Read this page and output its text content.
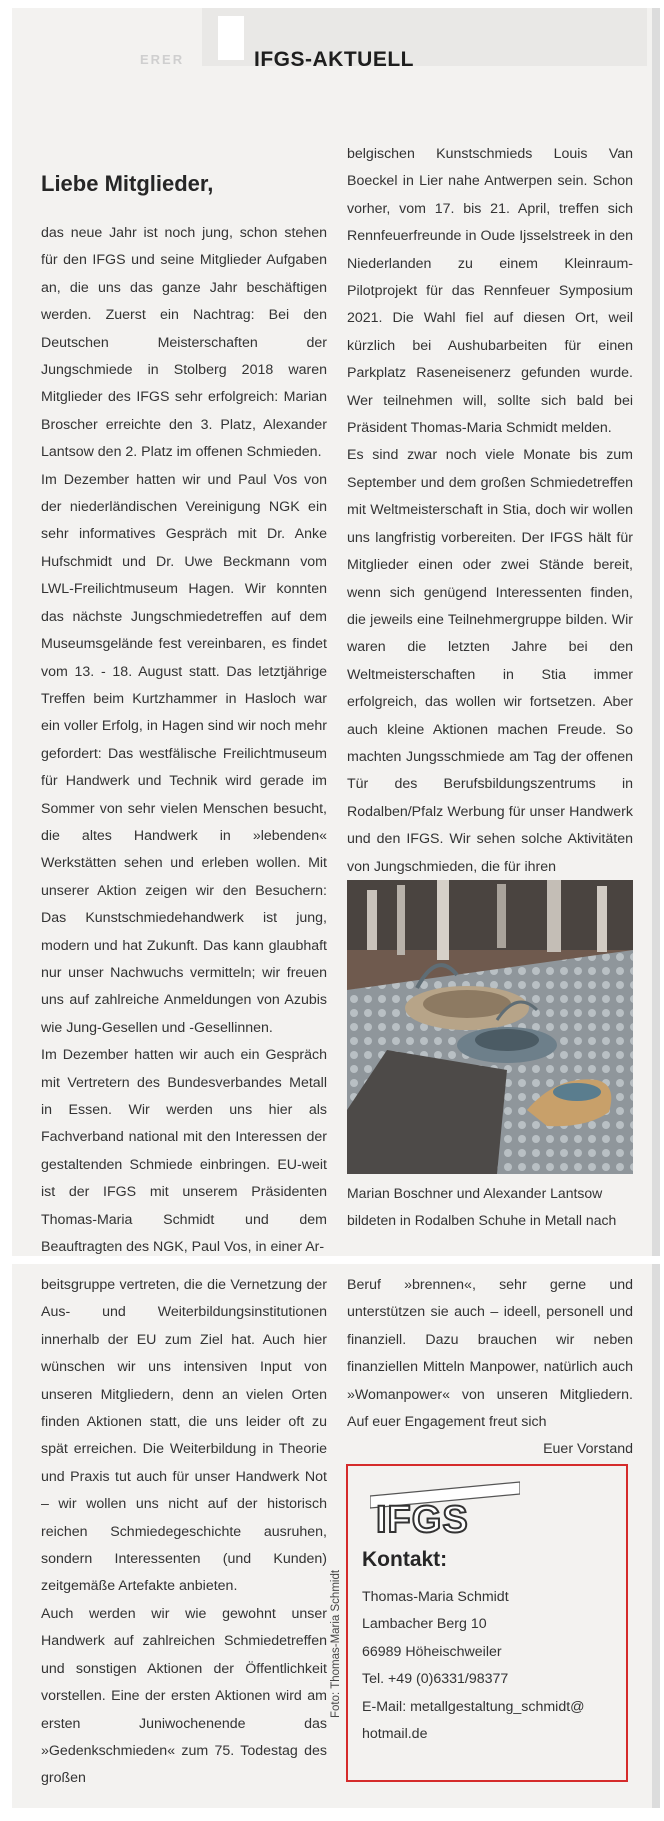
ERER	IFGS-AKTUELL
Liebe Mitglieder,

das neue Jahr ist noch jung, schon stehen für den IFGS und seine Mitglieder Aufgaben an, die uns das ganze Jahr beschäftigen werden. Zuerst ein Nachtrag: Bei den Deutschen Meisterschaften der Jungschmiede in Stolberg 2018 waren Mitglieder des IFGS sehr erfolgreich: Marian Broscher erreichte den 3. Platz, Alexander Lantsow den 2. Platz im offenen Schmieden.

Im Dezember hatten wir und Paul Vos von der niederländischen Vereinigung NGK ein sehr informatives Gespräch mit Dr. Anke Hufschmidt und Dr. Uwe Beckmann vom LWL-Freilichtmuseum Hagen. Wir konnten das nächste Jungschmiedetreffen auf dem Museumsgelände fest vereinbaren, es findet vom 13. - 18. August statt. Das letztjährige Treffen beim Kurtzhammer in Hasloch war ein voller Erfolg, in Hagen sind wir noch mehr gefordert: Das westfälische Freilichtmuseum für Handwerk und Technik wird gerade im Sommer von sehr vielen Menschen besucht, die altes Handwerk in »lebenden« Werkstätten sehen und erleben wollen. Mit unserer Aktion zeigen wir den Besuchern: Das Kunstschmiedehandwerk ist jung, modern und hat Zukunft. Das kann glaubhaft nur unser Nachwuchs vermitteln; wir freuen uns auf zahlreiche Anmeldungen von Azubis wie Jung-Gesellen und -Gesellinnen.

Im Dezember hatten wir auch ein Gespräch mit Vertretern des Bundesverbandes Metall in Essen. Wir werden uns hier als Fachverband national mit den Interessen der gestaltenden Schmiede einbringen. EU-weit ist der IFGS mit unserem Präsidenten Thomas-Maria Schmidt und dem Beauftragten des NGK, Paul Vos, in einer Ar-

belgischen Kunstschmieds Louis Van Boeckel in Lier nahe Antwerpen sein. Schon vorher, vom 17. bis 21. April, treffen sich Rennfeuerfreunde in Oude Ijsselstreek in den Niederlanden zu einem Kleinraum-Pilotprojekt für das Rennfeuer Symposium 2021. Die Wahl fiel auf diesen Ort, weil kürzlich bei Aushubarbeiten für einen Parkplatz Raseneisenerz gefunden wurde. Wer teilnehmen will, sollte sich bald bei Präsident Thomas-Maria Schmidt melden.

Es sind zwar noch viele Monate bis zum September und dem großen Schmiedetreffen mit Weltmeisterschaft in Stia, doch wir wollen uns langfristig vorbereiten. Der IFGS hält für Mitglieder einen oder zwei Stände bereit, wenn sich genügend Interessenten finden, die jeweils eine Teilnehmergruppe bilden. Wir waren die letzten Jahre bei den Weltmeisterschaften in Stia immer erfolgreich, das wollen wir fortsetzen. Aber auch kleine Aktionen machen Freude. So machten Jungsschmiede am Tag der offenen Tür des Berufsbildungszentrums in Rodalben/Pfalz Werbung für unser Handwerk und den IFGS. Wir sehen solche Aktivitäten von Jungschmieden, die für ihren

Marian Boschner und Alexander Lantsow bildeten in Rodalben Schuhe in Metall nach

beitsgruppe vertreten, die die Vernetzung der Aus- und Weiterbildungsinstitutionen innerhalb der EU zum Ziel hat. Auch hier wünschen wir uns intensiven Input von unseren Mitgliedern, denn an vielen Orten finden Aktionen statt, die uns leider oft zu spät erreichen. Die Weiterbildung in Theorie und Praxis tut auch für unser Handwerk Not – wir wollen uns nicht auf der historisch reichen Schmiedegeschichte ausruhen, sondern Interessenten (und Kunden) zeitgemäße Artefakte anbieten.

Auch werden wir wie gewohnt unser Handwerk auf zahlreichen Schmiedetreffen und sonstigen Aktionen der Öffentlichkeit vorstellen. Eine der ersten Aktionen wird am ersten Juniwochenende das »Gedenkschmieden« zum 75. Todestag des großen

Foto: Thomas-Maria Schmidt

Beruf »brennen«, sehr gerne und unterstützen sie auch – ideell, personell und finanziell. Dazu brauchen wir neben finanziellen Mitteln Manpower, natürlich auch »Womanpower« von unseren Mitgliedern. Auf euer Engagement freut sich

Euer Vorstand

IFGS
Kontakt:
Thomas-Maria Schmidt
Lambacher Berg 10
66989 Höheischweiler
Tel. +49 (0)6331/98377
E-Mail: metallgestaltung_schmidt@
hotmail.de
